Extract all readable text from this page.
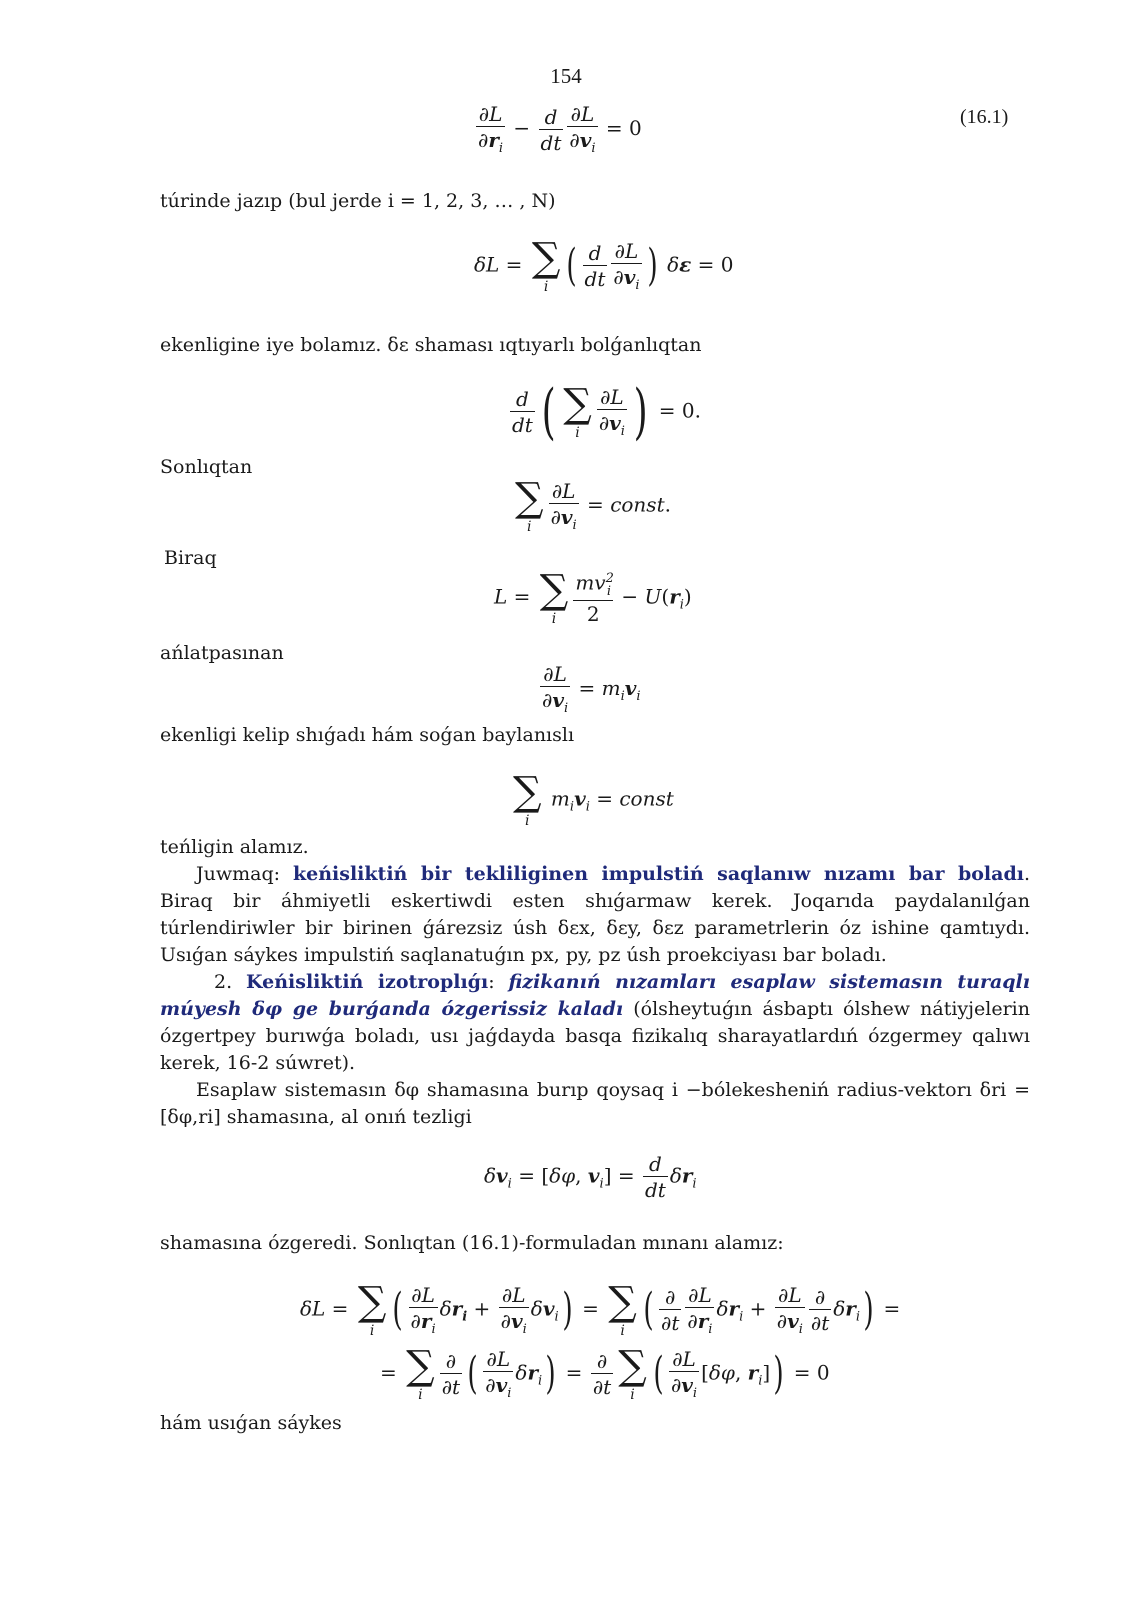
154
$\frac{\partial L}{\partial r_i} - \frac{d}{dt} \frac{\partial L}{\partial v_i} = 0$	(16.1)
túrinde jazıp (bul jerde i = 1, 2, 3, … , N)
δL = ∑
i ( $\frac{d}{dt} \frac{\partial L}{\partial v_i}$ ) δε = 0
ekenligine iye bolamız. δε shaması ıqtıyarlı bolǵanlıqtan
$\frac{d}{dt}$ ( ∑
i $\frac{\partial L}{\partial v_i}$ ) = 0.
Sonlıqtan
∑
i $\frac{\partial L}{\partial v_i}$ = const.
Biraq
L = ∑
i $\frac{mv^2_i}{2} - U(r_i)$
ańlatpasınan
$\frac{\partial L}{\partial v_i} = m_iv_i$
ekenligi kelip shıǵadı hám soǵan baylanıslı
∑
i
$m_iv_i$ = const
teńligin alamız.
Juwmaq: keńisliktiń bir tekliliginen impulstiń saqlanıw nızamı bar boladı. Biraq bir áhmiyetli eskertiwdi esten shıǵarmaw kerek. Joqarıda paydalanılǵan túrlendiriwler bir birinen ǵárezsiz úsh δεx, δεy, δεz parametrlerin óz ishine qamtıydı. Usıǵan sáykes impulstiń saqlanatuǵın px, py, pz úsh proekciyası bar boladı.
2. Keńisliktiń izotroplıǵı: fizikanıń nızamları esaplaw sistemasın turaqlı múyesh δφ ge burǵanda ózgerissiz kaladı (ólsheytuǵın ásbaptı ólshew nátiyjelerin ózgertpey burıwǵa boladı, usı jaǵdayda basqa fizikalıq sharayatlardıń ózgermey qalıwı kerek, 16-2 súwret).
Esaplaw sistemasın δφ shamasına burıp qoysaq i −bólekesheniń radius-vektorı δri = [δφ,ri] shamasına, al onıń tezligi
$\delta v_i = [\delta\varphi$, $v_i] = \frac{d}{dt} \delta r_i$
shamasına ózgeredi. Sonlıqtan (16.1)-formuladan mınanı alamız:
δL = ∑
i ( $\frac{\partial L}{\partial r_i} \delta r_i + \frac{\partial L}{\partial v_i} \delta v_i$) = ∑
i ( $\frac{\partial}{\partial t} \frac{\partial L}{\partial r_i} \delta r_i + \frac{\partial L}{\partial v_i} \frac{\partial}{\partial t} \delta r_i$) =
= ∑
i $\frac{\partial}{\partial t}$ ( $\frac{\partial L}{\partial v_i} \delta r_i) = \frac{\partial}{\partial t}$ ∑
i ( $\frac{\partial L}{\partial v_i} [\delta\varphi$, $r_i]) = 0$
hám usıǵan sáykes
